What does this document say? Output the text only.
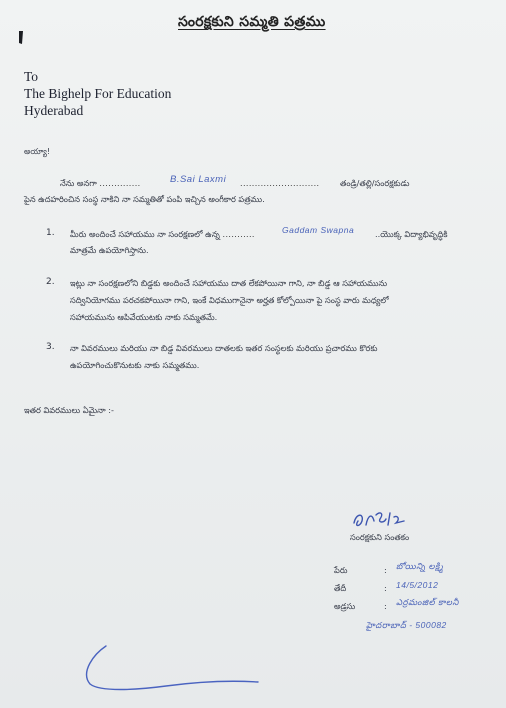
సంరక్షకుని సమ్మతి పత్రము
To
The Bighelp For Education
Hyderabad
అయ్యా!
నేను అనగా ..............	B.Sai Laxmi ...........................	తండ్రి/తల్లి/సంరక్షకుడు
పైన ఉదహరించిన సంస్థ నాకిని నా సమ్మతితో పంపి ఇచ్చిన అంగీకార పత్రము.
1. మీరు అందించే సహాయము నా సంరక్షణలో ఉన్న ...........	Gaddam Swapna	..యొక్క విద్యాభివృద్ధికి
మాత్రమే ఉపయోగిస్తాను.
2. ఇట్లు నా సంరక్షణలోని బిడ్డకు అందించే సహాయము దాత లేకపోయినా గాని, నా బిడ్డ ఆ సహాయమును
సద్వినియోగము పరచకపోయినా గాని, ఇంకే విధముగానైనా అర్హత కోల్పోయినా పై సంస్థ వారు మధ్యలో
సహాయమును ఆపివేయుటకు నాకు సమ్మతమే.
3. నా వివరములు మరియు నా బిడ్డ వివరములు దాతలకు ఇతర సంస్థలకు మరియు ప్రచారము కొరకు
ఉపయోగించుకొనుటకు నాకు సమ్మతము.
ఇతర వివరములు ఏమైనా :-
B Sai L
సంరక్షకుని సంతకం
పేరు	: బోయిన్ని లక్ష్మి
తేదీ	: 14/5/2012
అడ్రసు	: ఎర్రమంజిల్ కాలనీ
హైదరాబాద్ - 500082
